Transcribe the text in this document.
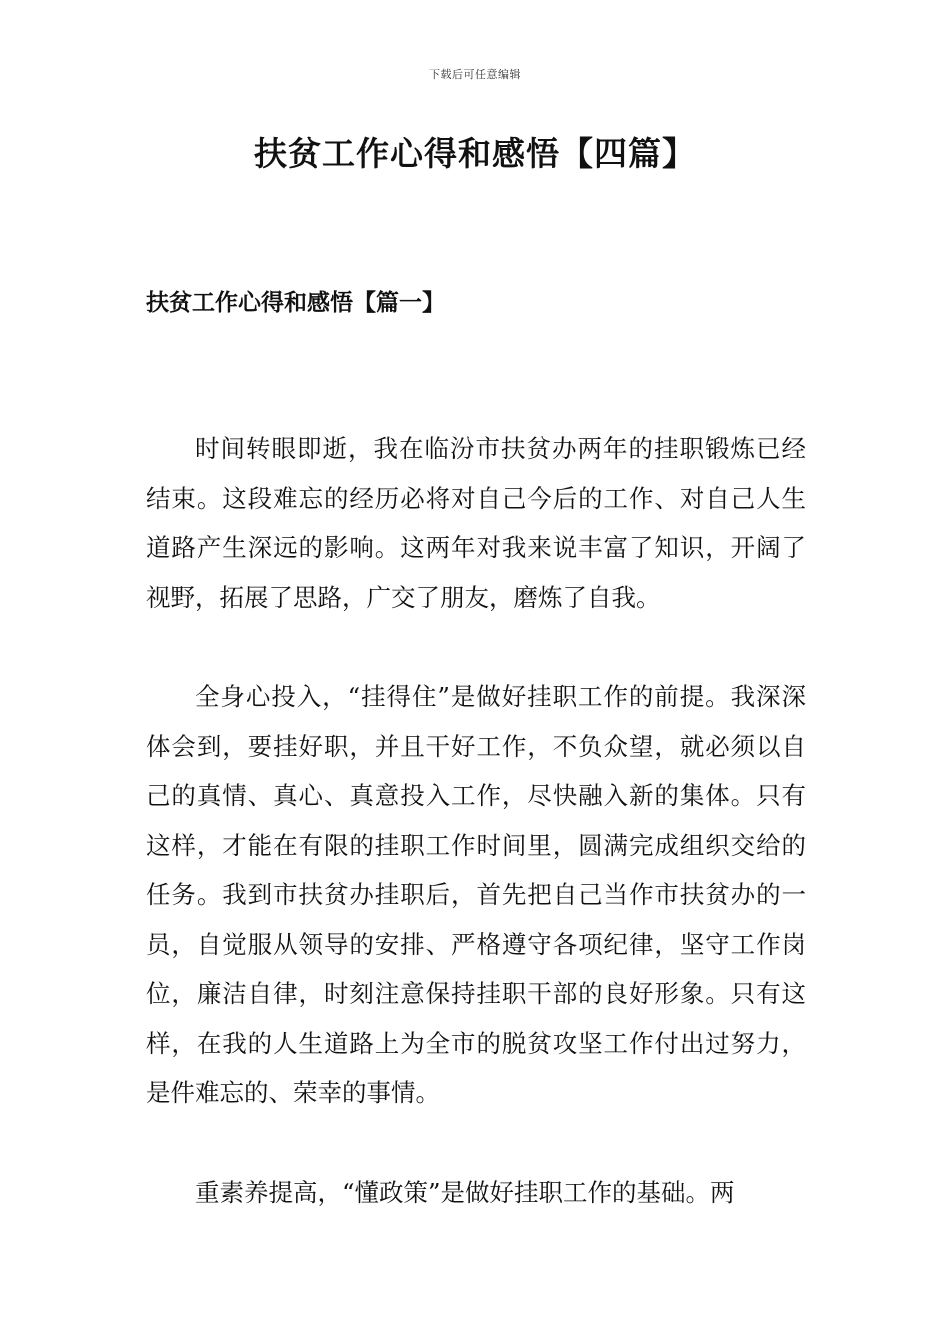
下载后可任意编辑
扶贫工作心得和感悟【四篇】
扶贫工作心得和感悟【篇一】

时间转眼即逝，我在临汾市扶贫办两年的挂职锻炼已经结束。这段难忘的经历必将对自己今后的工作、对自己人生道路产生深远的影响。这两年对我来说丰富了知识，开阔了视野，拓展了思路，广交了朋友，磨炼了自我。

全身心投入，“挂得住”是做好挂职工作的前提。我深深体会到，要挂好职，并且干好工作，不负众望，就必须以自己的真情、真心、真意投入工作，尽快融入新的集体。只有这样，才能在有限的挂职工作时间里，圆满完成组织交给的任务。我到市扶贫办挂职后，首先把自己当作市扶贫办的一员，自觉服从领导的安排、严格遵守各项纪律，坚守工作岗位，廉洁自律，时刻注意保持挂职干部的良好形象。只有这样，在我的人生道路上为全市的脱贫攻坚工作付出过努力，是件难忘的、荣幸的事情。

重素养提高，“懂政策”是做好挂职工作的基础。两
